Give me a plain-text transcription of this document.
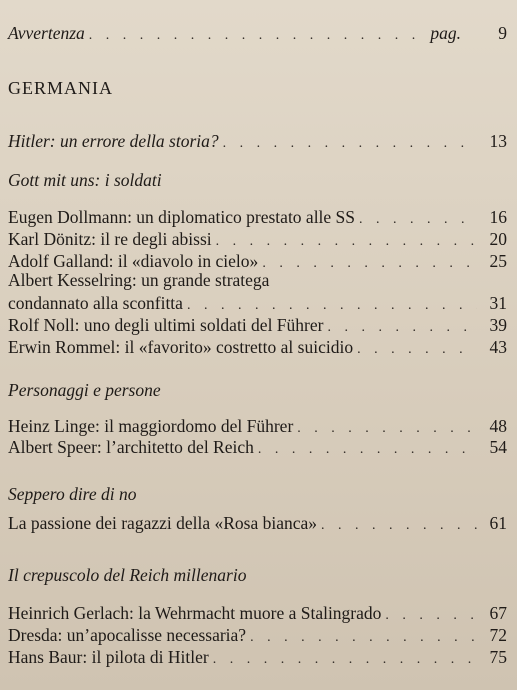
Avvertenza . . .	pag.	9
GERMANIA
Hitler: un errore della storia? . . .	13
Gott mit uns: i soldati
Eugen Dollmann: un diplomatico prestato alle SS . . .	16
Karl Dönitz: il re degli abissi . . .	20
Adolf Galland: il «diavolo in cielo» . . .	25
Albert Kesselring: un grande stratega
condannato alla sconfitta . . .	31
Rolf Noll: uno degli ultimi soldati del Führer . . .	39
Erwin Rommel: il «favorito» costretto al suicidio . . .	43
Personaggi e persone
Heinz Linge: il maggiordomo del Führer . . .	48
Albert Speer: l’architetto del Reich . . .	54
Seppero dire di no
La passione dei ragazzi della «Rosa bianca» . . .	61
Il crepuscolo del Reich millenario
Heinrich Gerlach: la Wehrmacht muore a Stalingrado . . .	67
Dresda: un’apocalisse necessaria? . . .	72
Hans Baur: il pilota di Hitler . . .	75
